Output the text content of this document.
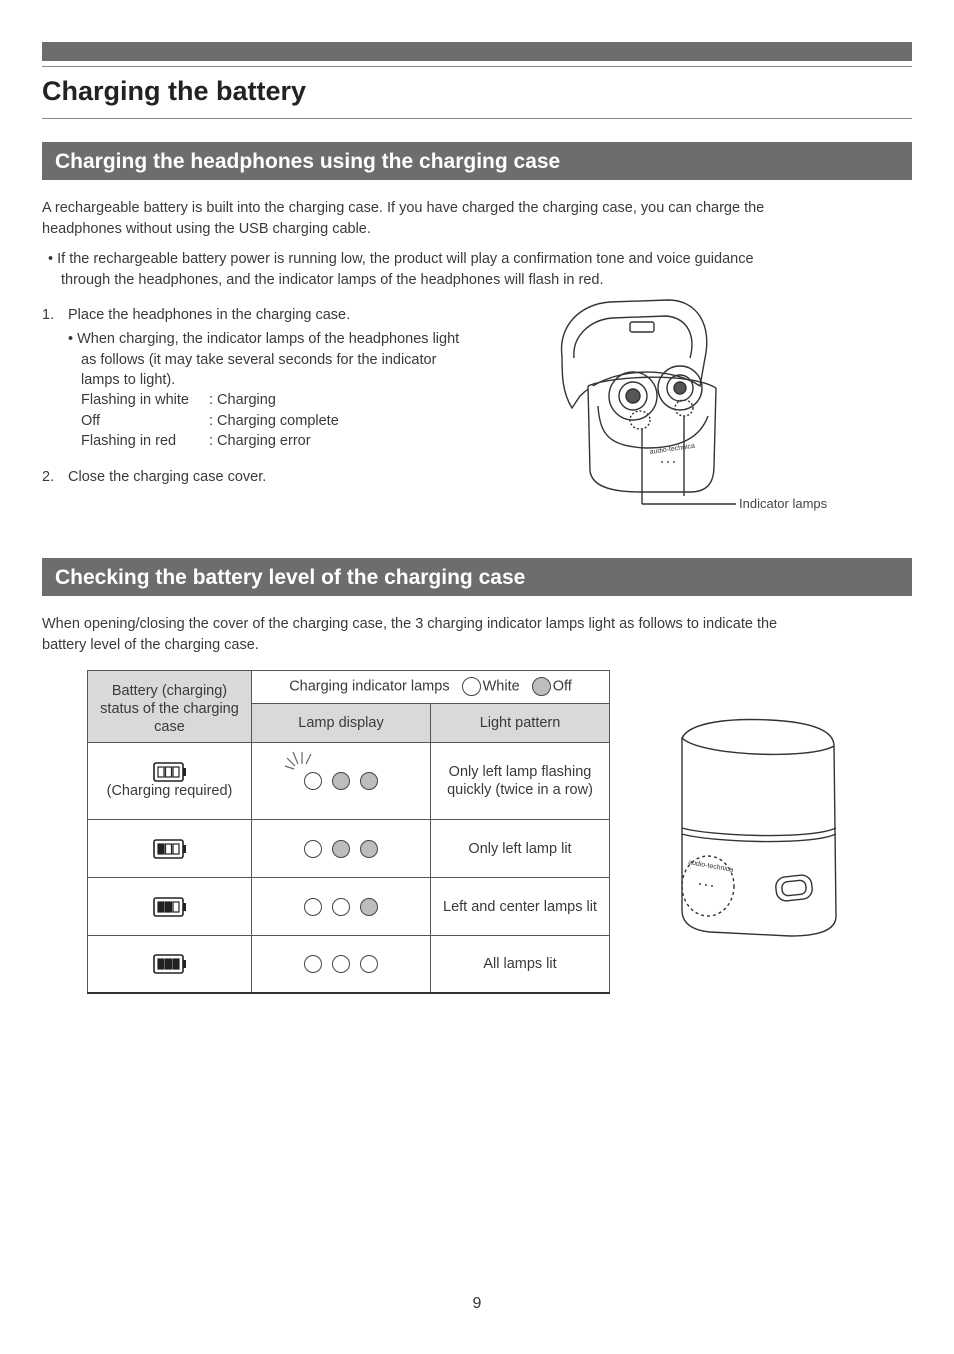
Charging the battery
Charging the headphones using the charging case

A rechargeable battery is built into the charging case. If you have charged the charging case, you can charge the
headphones without using the USB charging cable.

• If the rechargeable battery power is running low, the product will play a confirmation tone and voice guidance
through the headphones, and the indicator lamps of the headphones will flash in red.
1. Place the headphones in the charging case.
• When charging, the indicator lamps of the headphones light
as follows (it may take several seconds for the indicator
lamps to light).
Flashing in white	: Charging
Off	: Charging complete
Flashing in red	: Charging error
2. Close the charging case cover.
audio-technica
Indicator lamps
Checking the battery level of the charging case

When opening/closing the cover of the charging case, the 3 charging indicator lamps light as follows to indicate the
battery level of the charging case.

Battery (charging) status of the charging case	Charging indicator lamps White Off	
	Lamp display	Light pattern

(Charging required)		Only left lamp flashing quickly (twice in a row)
		Only left lamp lit
		Left and center lamps lit
		All lamps lit
audio-technica
9
